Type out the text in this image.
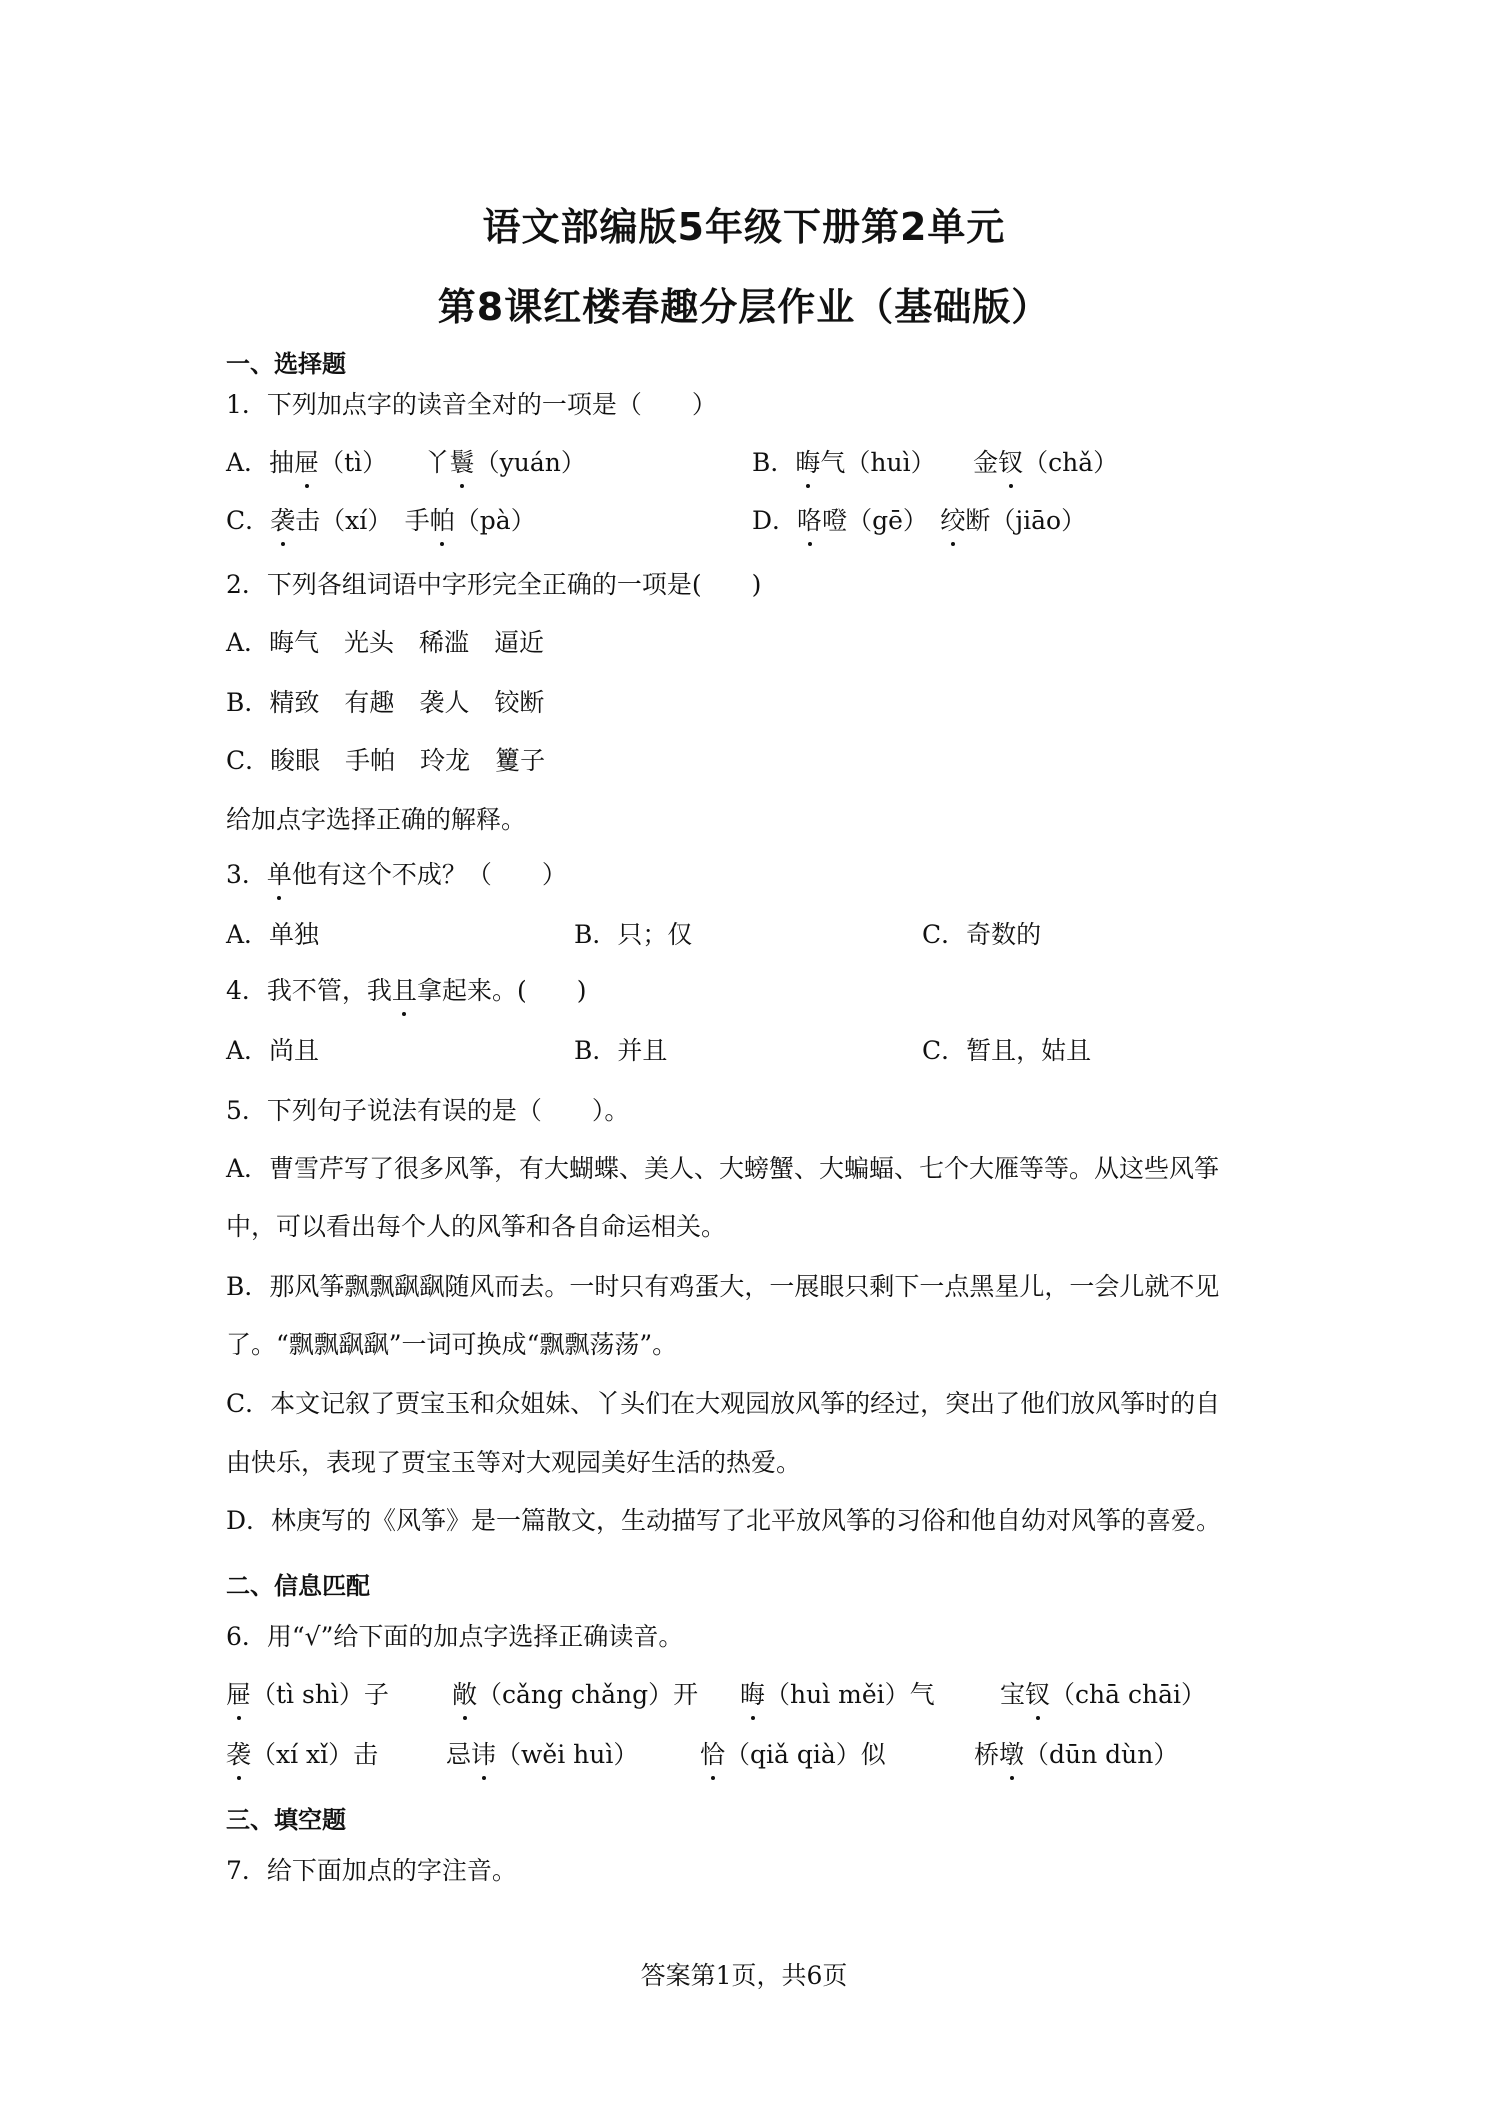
语文部编版5年级下册第2单元
第8课红楼春趣分层作业（基础版）
一、选择题
1．下列加点字的读音全对的一项是（　　）
A．抽屉（tì）　　丫鬟（yuán）	B．晦气（huì）　　金钗（chǎ）
C．袭击（xí）　手帕（pà）	D．咯噔（gē）　绞断（jiāo）
2．下列各组词语中字形完全正确的一项是(　　)
A．晦气　光头　稀滥　逼近
B．精致　有趣　袭人　铰断
C．睃眼　手帕　玲龙　籰子
给加点字选择正确的解释。
3．单他有这个不成？（　　）
A．单独	B．只；仅	C．奇数的
4．我不管，我且拿起来。(　　)
A．尚且	B．并且	C．暂且，姑且
5．下列句子说法有误的是（　　）。
A．曹雪芹写了很多风筝，有大蝴蝶、美人、大螃蟹、大蝙蝠、七个大雁等等。从这些风筝
中，可以看出每个人的风筝和各自命运相关。
B．那风筝飘飘飖飖随风而去。一时只有鸡蛋大，一展眼只剩下一点黑星儿，一会儿就不见
了。“飘飘飖飖”一词可换成“飘飘荡荡”。
C．本文记叙了贾宝玉和众姐妹、丫头们在大观园放风筝的经过，突出了他们放风筝时的自
由快乐，表现了贾宝玉等对大观园美好生活的热爱。
D．林庚写的《风筝》是一篇散文，生动描写了北平放风筝的习俗和他自幼对风筝的喜爱。
二、信息匹配
6．用“√”给下面的加点字选择正确读音。
屉（tì shì）子	敞（cǎng chǎng）开 晦（huì měi）气	宝钗（chā chāi）
袭（xí xǐ）击	忌讳（wěi huì） 恰（qiǎ qià）似	桥墩（dūn dùn）
三、填空题
7．给下面加点的字注音。
答案第1页，共6页
